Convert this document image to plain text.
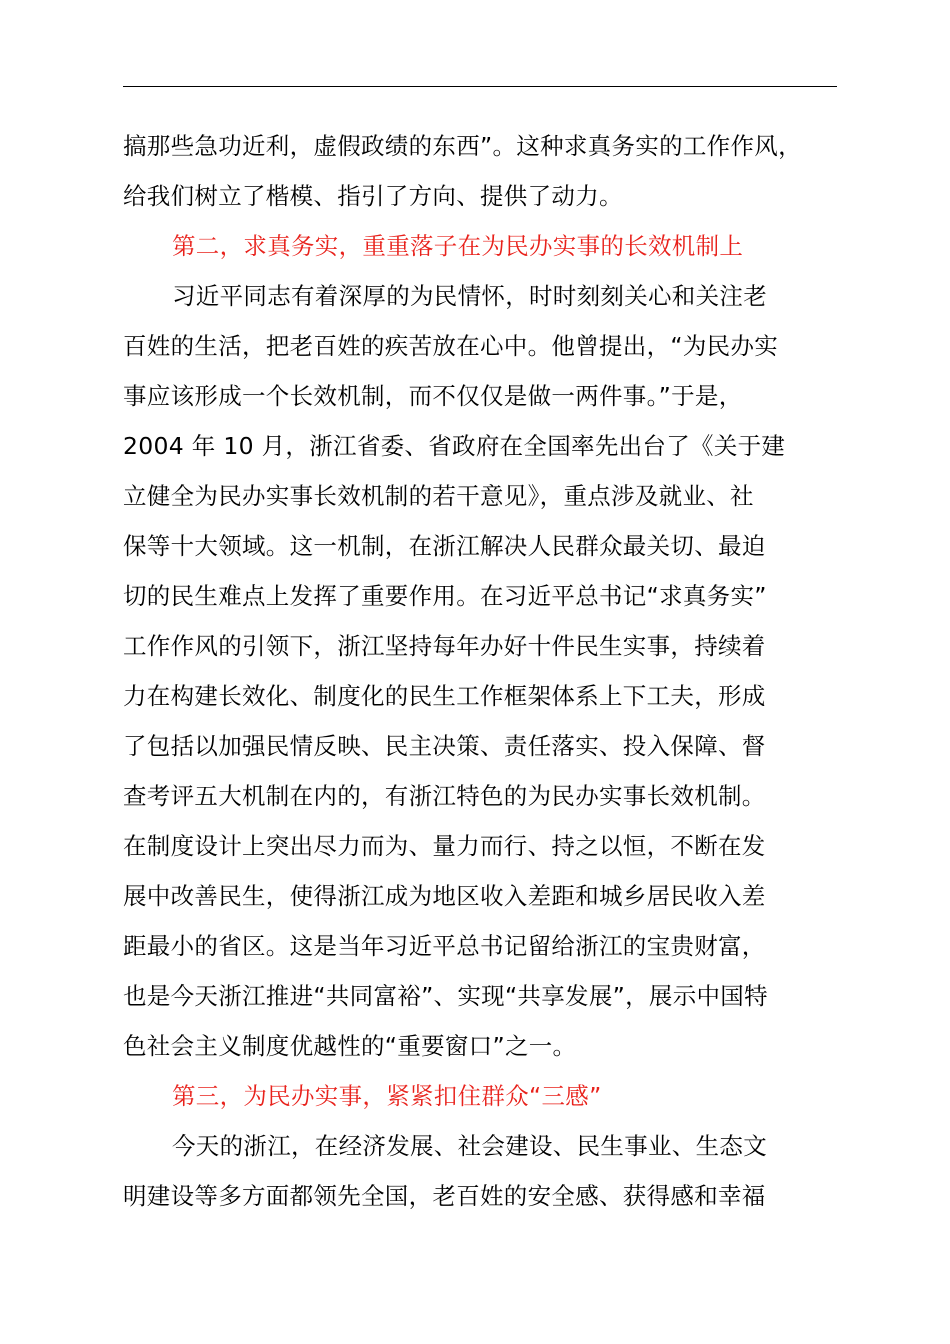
搞那些急功近利，虚假政绩的东西”。这种求真务实的工作作风，
给我们树立了楷模、指引了方向、提供了动力。
第二，求真务实，重重落子在为民办实事的长效机制上
习近平同志有着深厚的为民情怀，时时刻刻关心和关注老
百姓的生活，把老百姓的疾苦放在心中。他曾提出，“为民办实
事应该形成一个长效机制，而不仅仅是做一两件事。”于是，
2004 年 10 月，浙江省委、省政府在全国率先出台了《关于建
立健全为民办实事长效机制的若干意见》，重点涉及就业、社
保等十大领域。这一机制，在浙江解决人民群众最关切、最迫
切的民生难点上发挥了重要作用。在习近平总书记“求真务实”
工作作风的引领下，浙江坚持每年办好十件民生实事，持续着
力在构建长效化、制度化的民生工作框架体系上下工夫，形成
了包括以加强民情反映、民主决策、责任落实、投入保障、督
查考评五大机制在内的，有浙江特色的为民办实事长效机制。
在制度设计上突出尽力而为、量力而行、持之以恒，不断在发
展中改善民生，使得浙江成为地区收入差距和城乡居民收入差
距最小的省区。这是当年习近平总书记留给浙江的宝贵财富，
也是今天浙江推进“共同富裕”、实现“共享发展”，展示中国特
色社会主义制度优越性的“重要窗口”之一。
第三，为民办实事，紧紧扣住群众“三感”
今天的浙江，在经济发展、社会建设、民生事业、生态文
明建设等多方面都领先全国，老百姓的安全感、获得感和幸福
